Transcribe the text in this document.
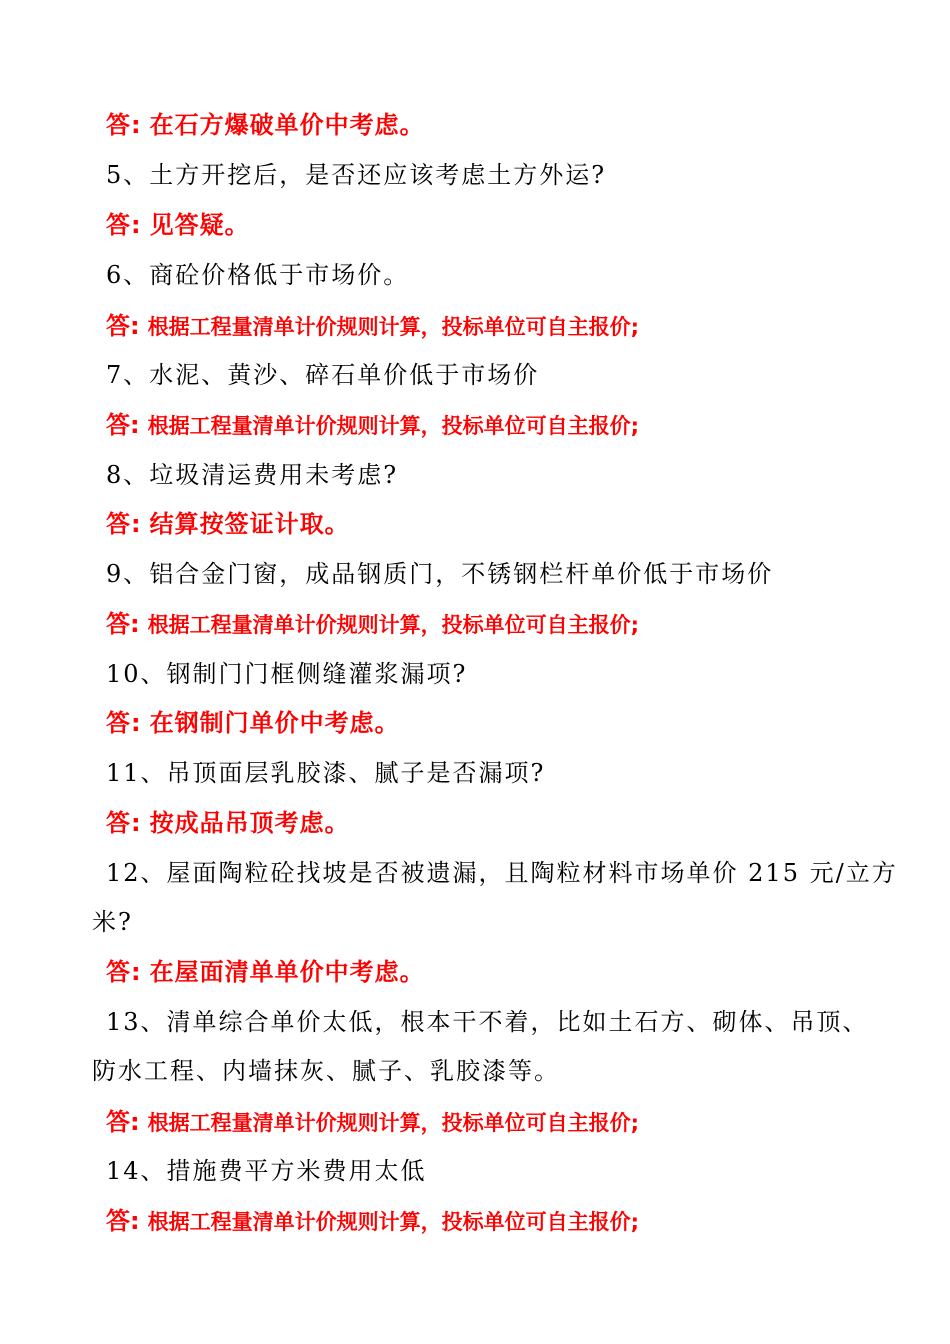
答: 在石方爆破单价中考虑。
5、土方开挖后，是否还应该考虑土方外运?
答: 见答疑。
6、商砼价格低于市场价。
答: 根据工程量清单计价规则计算，投标单位可自主报价;
7、水泥、黄沙、碎石单价低于市场价
答: 根据工程量清单计价规则计算，投标单位可自主报价;
8、垃圾清运费用未考虑?
答: 结算按签证计取。
9、铝合金门窗，成品钢质门，不锈钢栏杆单价低于市场价
答: 根据工程量清单计价规则计算，投标单位可自主报价;
10、钢制门门框侧缝灌浆漏项?
答: 在钢制门单价中考虑。
11、吊顶面层乳胶漆、腻子是否漏项?
答: 按成品吊顶考虑。
12、屋面陶粒砼找坡是否被遗漏，且陶粒材料市场单价 215 元/立方
米?
答: 在屋面清单单价中考虑。
13、清单综合单价太低，根本干不着，比如土石方、砌体、吊顶、
防水工程、内墙抹灰、腻子、乳胶漆等。
答: 根据工程量清单计价规则计算，投标单位可自主报价;
14、措施费平方米费用太低
答: 根据工程量清单计价规则计算，投标单位可自主报价;
